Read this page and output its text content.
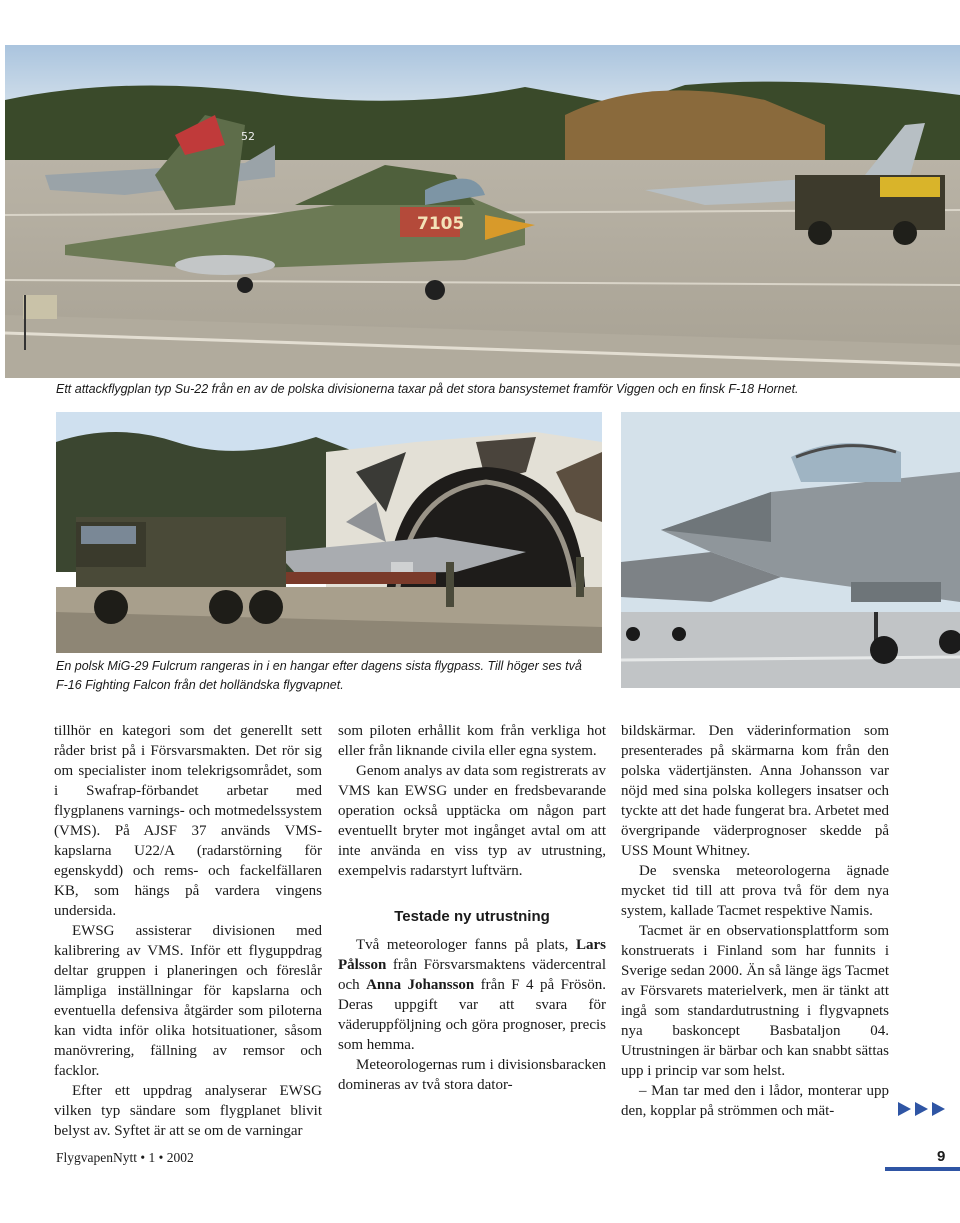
7105
52
Ett attackflygplan typ Su-22 från en av de polska divisionerna taxar på det stora bansystemet framför Viggen och en finsk F-18 Hornet.
En polsk MiG-29 Fulcrum rangeras in i en hangar efter dagens sista flygpass. Till höger ses två
F-16 Fighting Falcon från det holländska flygvapnet.

tillhör en kategori som det generellt sett råder brist på i Försvarsmakten. Det rör sig om specialister inom telekrigsområdet, som i Swafrap-förbandet arbetar med flygplanens varnings- och motmedelssystem (VMS). På AJSF 37 används VMS-kapslarna U22/A (radarstörning för egenskydd) och rems- och fackelfällaren KB, som hängs på vardera vingens undersida.

EWSG assisterar divisionen med kalibrering av VMS. Inför ett flyguppdrag deltar gruppen i planeringen och föreslår lämpliga inställningar för kapslarna och eventuella defensiva åtgärder som piloterna kan vidta inför olika hotsituationer, såsom manövrering, fällning av remsor och facklor.

Efter ett uppdrag analyserar EWSG vilken typ sändare som flygplanet blivit belyst av. Syftet är att se om de varningar

som piloten erhållit kom från verkliga hot eller från liknande civila eller egna system.

Genom analys av data som registrerats av VMS kan EWSG under en fredsbevarande operation också upptäcka om någon part eventuellt bryter mot ingånget avtal om att inte använda en viss typ av utrustning, exempelvis radarstyrt luftvärn.

Testade ny utrustning

Två meteorologer fanns på plats, Lars Pålsson från Försvarsmaktens vädercentral och Anna Johansson från F 4 på Frösön. Deras uppgift var att svara för väderuppföljning och göra prognoser, precis som hemma.

Meteorologernas rum i divisionsbaracken domineras av två stora dator-

bildskärmar. Den väderinformation som presenterades på skärmarna kom från den polska vädertjänsten. Anna Johansson var nöjd med sina polska kollegers insatser och tyckte att det hade fungerat bra. Arbetet med övergripande väderprognoser skedde på USS Mount Whitney.

De svenska meteorologerna ägnade mycket tid till att prova två för dem nya system, kallade Tacmet respektive Namis.

Tacmet är en observationsplattform som konstruerats i Finland som har funnits i Sverige sedan 2000. Än så länge ägs Tacmet av Försvarets materielverk, men är tänkt att ingå som standardutrustning i flygvapnets nya baskoncept Basbataljon 04. Utrustningen är bärbar och kan snabbt sättas upp i princip var som helst.

– Man tar med den i lådor, monterar upp den, kopplar på strömmen och mät-

FlygvapenNytt • 1 • 2002	9
